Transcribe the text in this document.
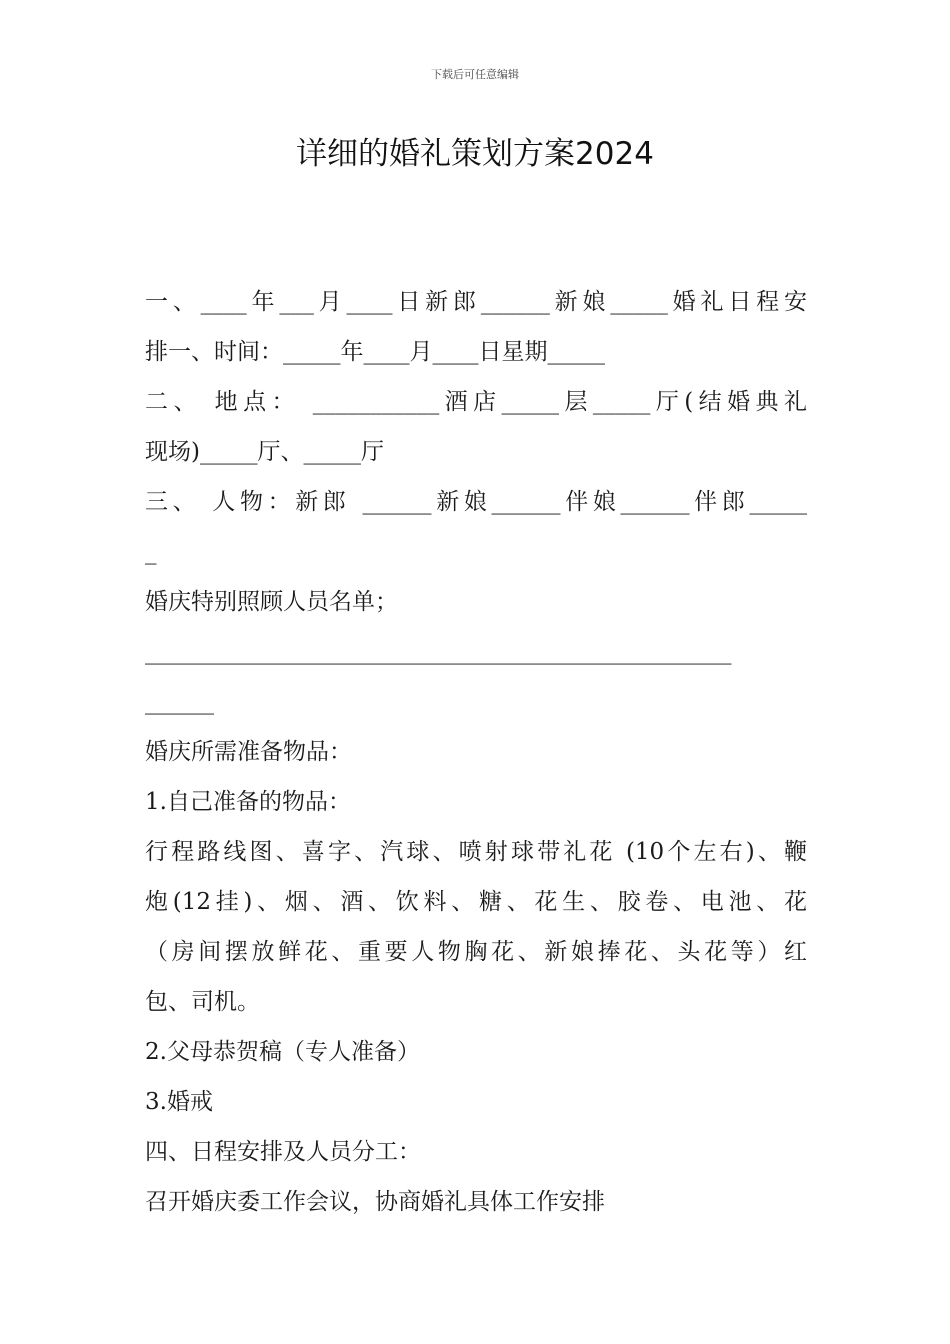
下载后可任意编辑
详细的婚礼策划方案2024
一、____年___月____日新郎______新娘_____婚礼日程安
排一、时间：_____年____月____日星期_____
二、 地点： ___________酒店_____层_____厅(结婚典礼
现场)_____厅、_____厅
三、 人物：新郎 ______新娘______伴娘______伴郎_____
_
婚庆特别照顾人员名单；
___________________________________________________
______
婚庆所需准备物品：
1.自己准备的物品：
行程路线图、喜字、汽球、喷射球带礼花 (10个左右)、鞭
炮(12挂)、烟、酒、饮料、糖、花生、胶卷、电池、花
（房间摆放鲜花、重要人物胸花、新娘捧花、头花等）红
包、司机。
2.父母恭贺稿（专人准备）
3.婚戒
四、日程安排及人员分工：
召开婚庆委工作会议，协商婚礼具体工作安排
